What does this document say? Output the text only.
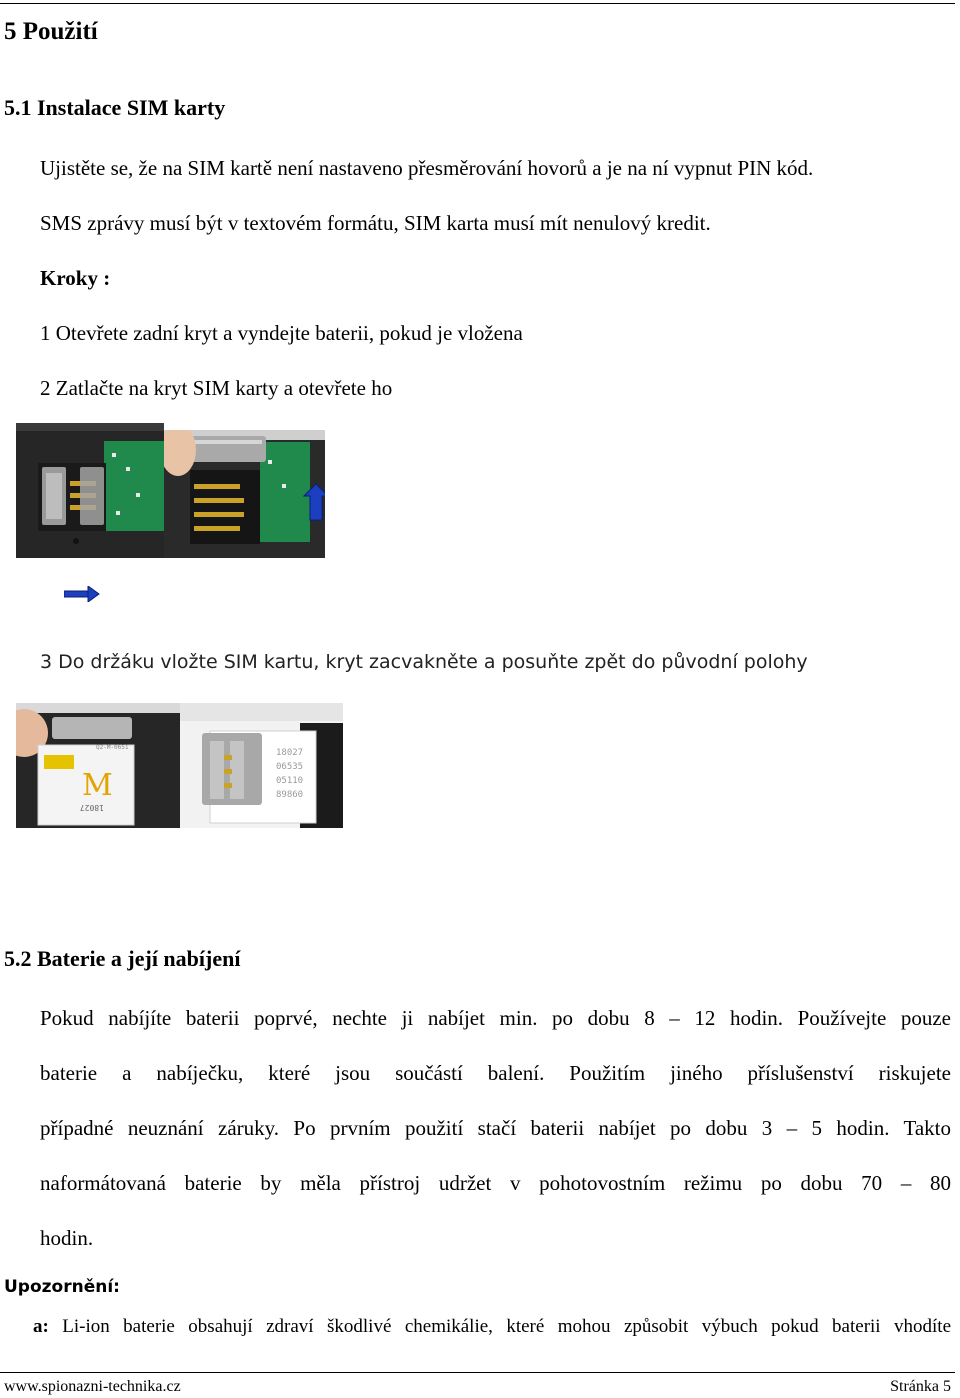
5 Použití
5.1 Instalace SIM karty
Ujistěte se, že na SIM kartě není nastaveno přesměrování hovorů a je na ní vypnut PIN kód.
SMS zprávy musí být v textovém formátu, SIM karta musí mít nenulový kredit.
Kroky :
1 Otevřete zadní kryt a vyndejte baterii, pokud je vložena
2 Zatlačte na kryt SIM karty a otevřete ho
3 Do držáku vložte SIM kartu, kryt zacvakněte a posuňte zpět do původní polohy
M
18027
Q2-M-0651
18027
06535
05110
89860
5.2 Baterie a její nabíjení
Pokud nabíjíte baterii poprvé, nechte ji nabíjet min. po dobu 8 – 12 hodin. Používejte pouze
baterie a nabíječku, které jsou součástí balení. Použitím jiného příslušenství riskujete
případné neuznání záruky. Po prvním použití stačí baterii nabíjet po dobu 3 – 5 hodin. Takto
naformátovaná baterie by měla přístroj udržet v pohotovostním režimu po dobu 70 – 80
hodin.
Upozornění:
a: Li-ion baterie obsahují zdraví škodlivé chemikálie, které mohou způsobit výbuch pokud baterii vhodíte
www.spionazni-technika.cz	Stránka 5
